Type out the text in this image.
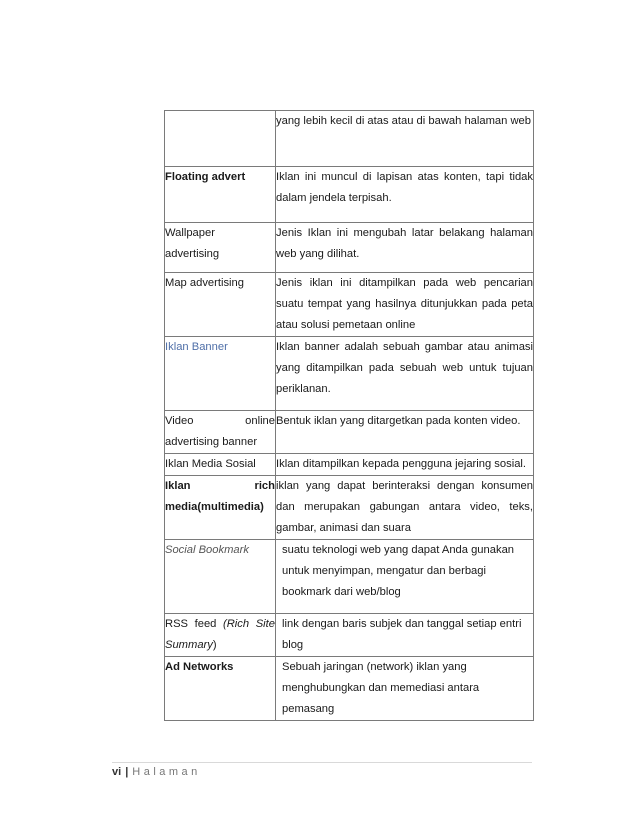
	yang lebih kecil di atas atau di bawah halaman web
Floating advert	Iklan ini muncul di lapisan atas konten, tapi tidak dalam jendela terpisah.

Wallpaper
advertising	Jenis Iklan ini mengubah latar belakang halaman web yang dilihat.
Map advertising	Jenis iklan ini ditampilkan pada web pencarian suatu tempat yang hasilnya ditunjukkan pada peta atau solusi pemetaan online
Iklan Banner	Iklan banner adalah sebuah gambar atau animasi yang ditampilkan pada sebuah web untuk tujuan periklanan.

Video online
advertising banner	Bentuk iklan yang ditargetkan pada konten video.
Iklan Media Sosial	Iklan ditampilkan kepada pengguna jejaring sosial.

Iklan rich
media(multimedia)	iklan yang dapat berinteraksi dengan konsumen dan merupakan gabungan antara video, teks, gambar, animasi dan suara
Social Bookmark	suatu teknologi web yang dapat Anda gunakan untuk menyimpan, mengatur dan berbagi bookmark dari web/blog

RSS feed (Rich Site
Summary)	link dengan baris subjek dan tanggal setiap entri blog
Ad Networks	Sebuah jaringan (network) iklan yang menghubungkan dan memediasi antara pemasang
vi | Halaman
